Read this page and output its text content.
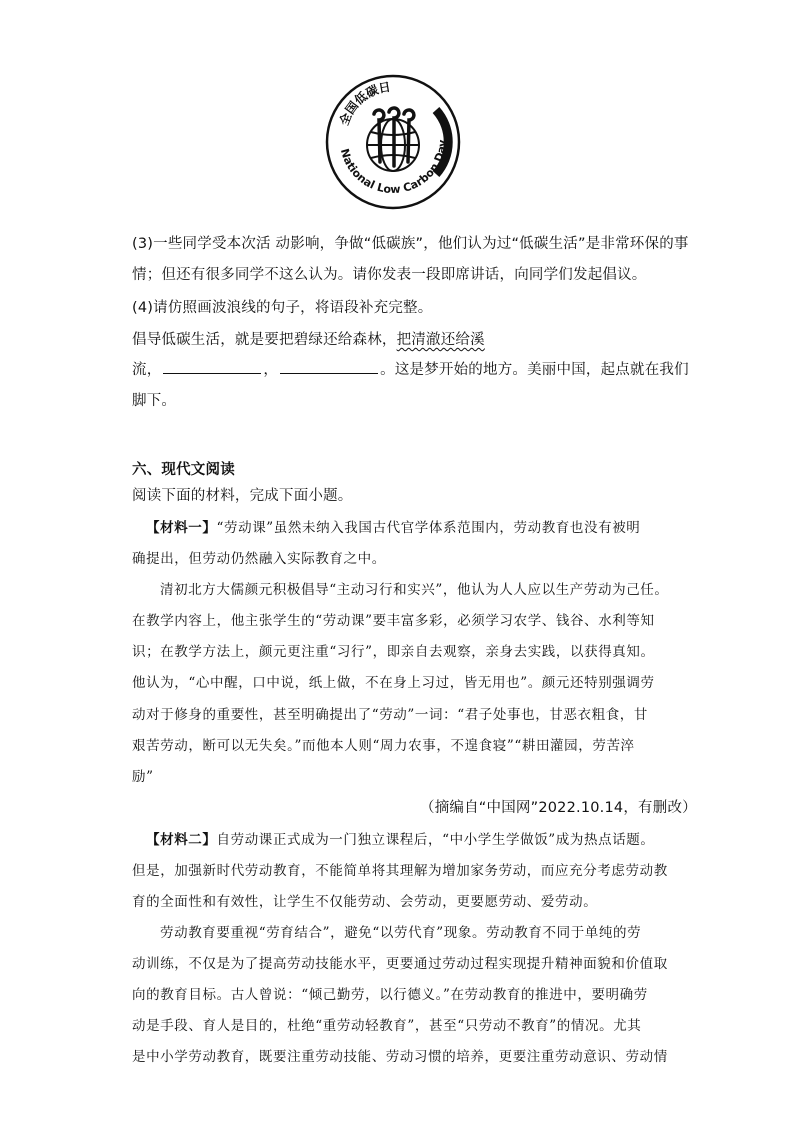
全国低碳日
National Low Carbon Day
(3)一些同学受本次活 动影响，争做“低碳族”，他们认为过“低碳生活”是非常环保的事
情；但还有很多同学不这么认为。请你发表一段即席讲话，向同学们发起倡议。
(4)请仿照画波浪线的句子，将语段补充完整。
倡导低碳生活，就是要把碧绿还给森林，把清澈还给溪
流，	，	。这是梦开始的地方。美丽中国，起点就在我们
脚下。
六、现代文阅读
阅读下面的材料，完成下面小题。
【材料一】“劳动课”虽然未纳入我国古代官学体系范围内，劳动教育也没有被明
确提出，但劳动仍然融入实际教育之中。
清初北方大儒颜元积极倡导“主动习行和实兴”，他认为人人应以生产劳动为己任。
在教学内容上，他主张学生的“劳动课”要丰富多彩，必须学习农学、钱谷、水利等知
识；在教学方法上，颜元更注重“习行”，即亲自去观察，亲身去实践，以获得真知。
他认为，“心中醒，口中说，纸上做，不在身上习过，皆无用也”。颜元还特别强调劳
动对于修身的重要性，甚至明确提出了“劳动”一词：“君子处事也，甘恶衣粗食，甘
艰苦劳动，断可以无失矣。”而他本人则“周力农事，不遑食寝”“耕田灌园，劳苦淬
励”
（摘编自“中国网”2022.10.14，有删改）
【材料二】自劳动课正式成为一门独立课程后，“中小学生学做饭”成为热点话题。
但是，加强新时代劳动教育，不能简单将其理解为增加家务劳动，而应充分考虑劳动教
育的全面性和有效性，让学生不仅能劳动、会劳动，更要愿劳动、爱劳动。
劳动教育要重视“劳育结合”，避免“以劳代育”现象。劳动教育不同于单纯的劳
动训练，不仅是为了提高劳动技能水平，更要通过劳动过程实现提升精神面貌和价值取
向的教育目标。古人曾说：“倾己勤劳，以行德义。”在劳动教育的推进中，要明确劳
动是手段、育人是目的，杜绝“重劳动轻教育”，甚至“只劳动不教育”的情况。尤其
是中小学劳动教育，既要注重劳动技能、劳动习惯的培养，更要注重劳动意识、劳动情
